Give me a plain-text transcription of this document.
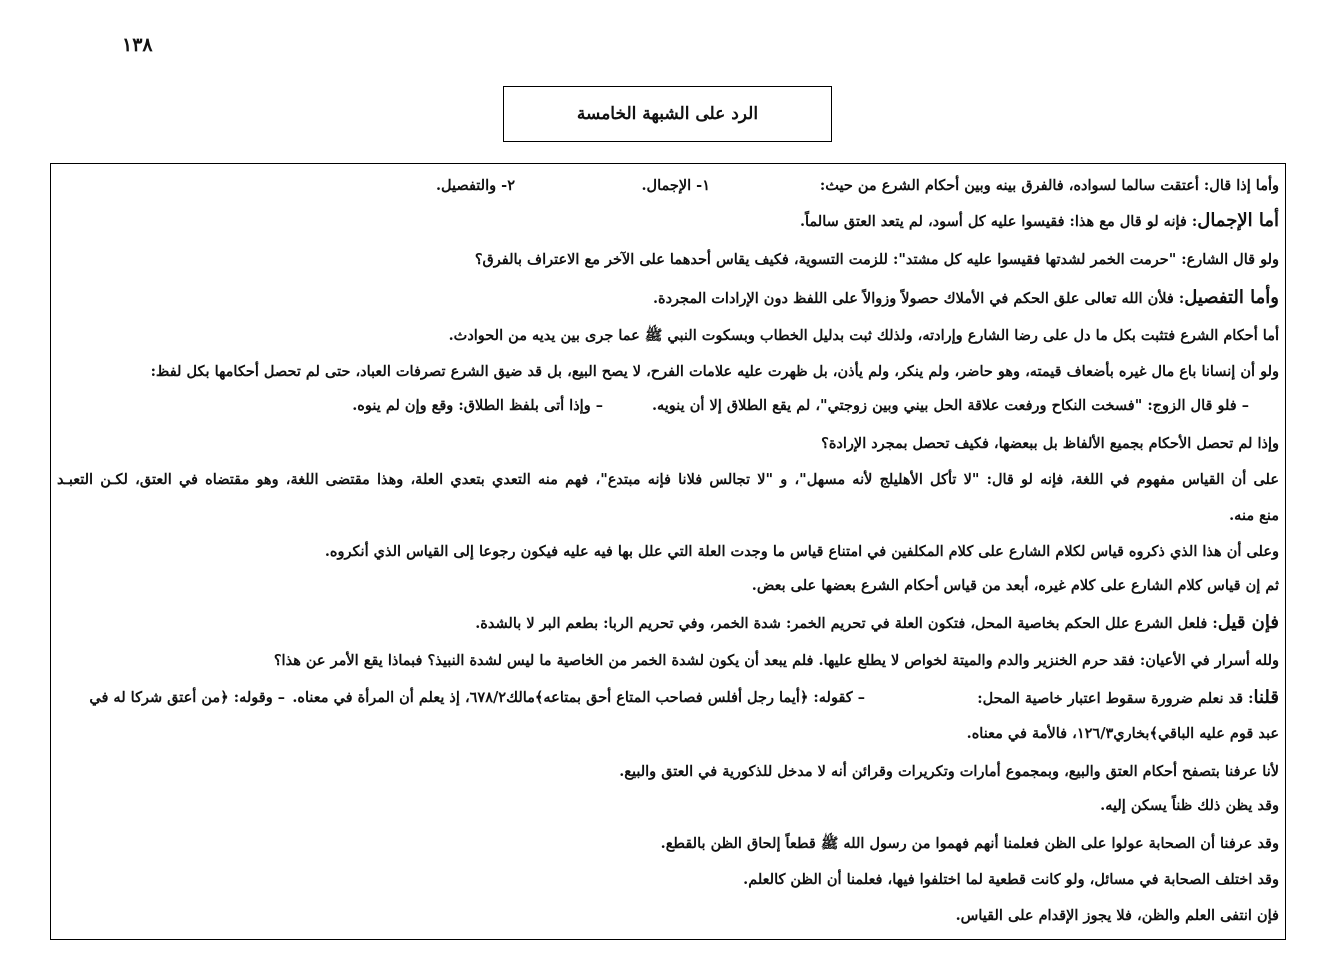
١٣٨
الرد على الشبهة الخامسة
وأما إذا قال: أعتقت سالما لسواده، فالفرق بينه وبين أحكام الشرع من حيث:
١- الإجمال.
٢- والتفصيل.
أما الإجمال: فإنه لو قال مع هذا: فقيسوا عليه كل أسود، لم يتعد العتق سالماً.
ولو قال الشارع: "حرمت الخمر لشدتها فقيسوا عليه كل مشتد": للزمت التسوية، فكيف يقاس أحدهما على الآخر مع الاعتراف بالفرق؟
وأما التفصيل: فلأن الله تعالى علق الحكم في الأملاك حصولاً وزوالاً على اللفظ دون الإرادات المجردة.
أما أحكام الشرع فتثبت بكل ما دل على رضا الشارع وإرادته، ولذلك ثبت بدليل الخطاب وبسكوت النبي ﷺ عما جرى بين يديه من الحوادث.
ولو أن إنسانا باع مال غيره بأضعاف قيمته، وهو حاضر، ولم ينكر، ولم يأذن، بل ظهرت عليه علامات الفرح، لا يصح البيع، بل قد ضيق الشرع تصرفات العباد، حتى لم تحصل أحكامها بكل لفظ:
– فلو قال الزوج: "فسخت النكاح ورفعت علاقة الحل بيني وبين زوجتي"، لم يقع الطلاق إلا أن ينويه.
– وإذا أتى بلفظ الطلاق: وقع وإن لم ينوه.
وإذا لم تحصل الأحكام بجميع الألفاظ بل ببعضها، فكيف تحصل بمجرد الإرادة؟
على أن القياس مفهوم في اللغة، فإنه لو قال: "لا تأكل الأهليلج لأنه مسهل"، و "لا تجالس فلانا فإنه مبتدع"، فهم منه التعدي بتعدي العلة، وهذا مقتضى اللغة، وهو مقتضاه في العتق، لكـن التعبـد
منع منه.
وعلى أن هذا الذي ذكروه قياس لكلام الشارع على كلام المكلفين في امتناع قياس ما وجدت العلة التي علل بها فيه عليه فيكون رجوعا إلى القياس الذي أنكروه.
ثم إن قياس كلام الشارع على كلام غيره، أبعد من قياس أحكام الشرع بعضها على بعض.
فإن قيل: فلعل الشرع علل الحكم بخاصية المحل، فتكون العلة في تحريم الخمر: شدة الخمر، وفي تحريم الربا: بطعم البر لا بالشدة.
ولله أسرار في الأعيان: فقد حرم الخنزير والدم والميتة لخواص لا يطلع عليها. فلم يبعد أن يكون لشدة الخمر من الخاصية ما ليس لشدة النبيذ؟ فبماذا يقع الأمر عن هذا؟
قلنا: قد نعلم ضرورة سقوط اعتبار خاصية المحل:
– كقوله: ﴿أيما رجل أفلس فصاحب المتاع أحق بمتاعه﴾مالك٦٧٨/٢، إذ يعلم أن المرأة في معناه.
– وقوله: ﴿من أعتق شركا له في
عبد قوم عليه الباقي﴾بخاري١٢٦/٣، فالأمة في معناه.
لأنا عرفنا بتصفح أحكام العتق والبيع، وبمجموع أمارات وتكريرات وقرائن أنه لا مدخل للذكورية في العتق والبيع.
وقد يظن ذلك ظناً يسكن إليه.
وقد عرفنا أن الصحابة عولوا على الظن فعلمنا أنهم فهموا من رسول الله ﷺ قطعاً إلحاق الظن بالقطع.
وقد اختلف الصحابة في مسائل، ولو كانت قطعية لما اختلفوا فيها، فعلمنا أن الظن كالعلم.
فإن انتفى العلم والظن، فلا يجوز الإقدام على القياس.
